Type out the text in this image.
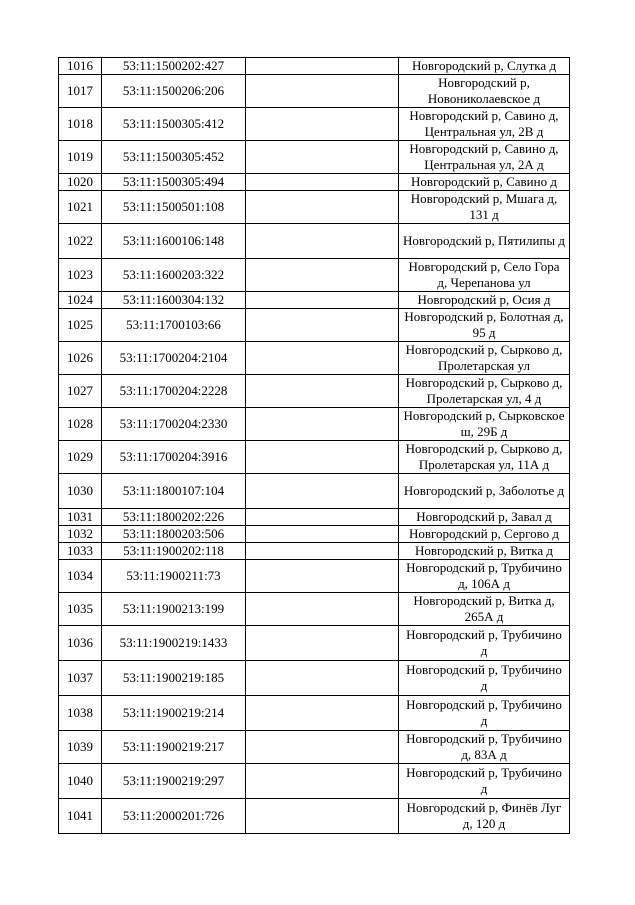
1016	53:11:1500202:427		Новгородский р, Слутка д
1017	53:11:1500206:206		Новгородский р,
Новониколаевское д
1018	53:11:1500305:412		Новгородский р, Савино д,
Центральная ул, 2В д
1019	53:11:1500305:452		Новгородский р, Савино д,
Центральная ул, 2А д
1020	53:11:1500305:494		Новгородский р, Савино д
1021	53:11:1500501:108		Новгородский р, Мшага д,
131 д
1022	53:11:1600106:148		Новгородский р, Пятилипы д
1023	53:11:1600203:322		Новгородский р, Село Гора
д, Черепанова ул
1024	53:11:1600304:132		Новгородский р, Осия д
1025	53:11:1700103:66		Новгородский р, Болотная д,
95 д
1026	53:11:1700204:2104		Новгородский р, Сырково д,
Пролетарская ул
1027	53:11:1700204:2228		Новгородский р, Сырково д,
Пролетарская ул, 4 д
1028	53:11:1700204:2330		Новгородский р, Сырковское
ш, 29Б д
1029	53:11:1700204:3916		Новгородский р, Сырково д,
Пролетарская ул, 11А д
1030	53:11:1800107:104		Новгородский р, Заболотье д
1031	53:11:1800202:226		Новгородский р, Завал д
1032	53:11:1800203:506		Новгородский р, Сергово д
1033	53:11:1900202:118		Новгородский р, Витка д
1034	53:11:1900211:73		Новгородский р, Трубичино
д, 106А д
1035	53:11:1900213:199		Новгородский р, Витка д,
265А д
1036	53:11:1900219:1433		Новгородский р, Трубичино
д
1037	53:11:1900219:185		Новгородский р, Трубичино
д
1038	53:11:1900219:214		Новгородский р, Трубичино
д
1039	53:11:1900219:217		Новгородский р, Трубичино
д, 83А д
1040	53:11:1900219:297		Новгородский р, Трубичино
д
1041	53:11:2000201:726		Новгородский р, Финёв Луг
д, 120 д
